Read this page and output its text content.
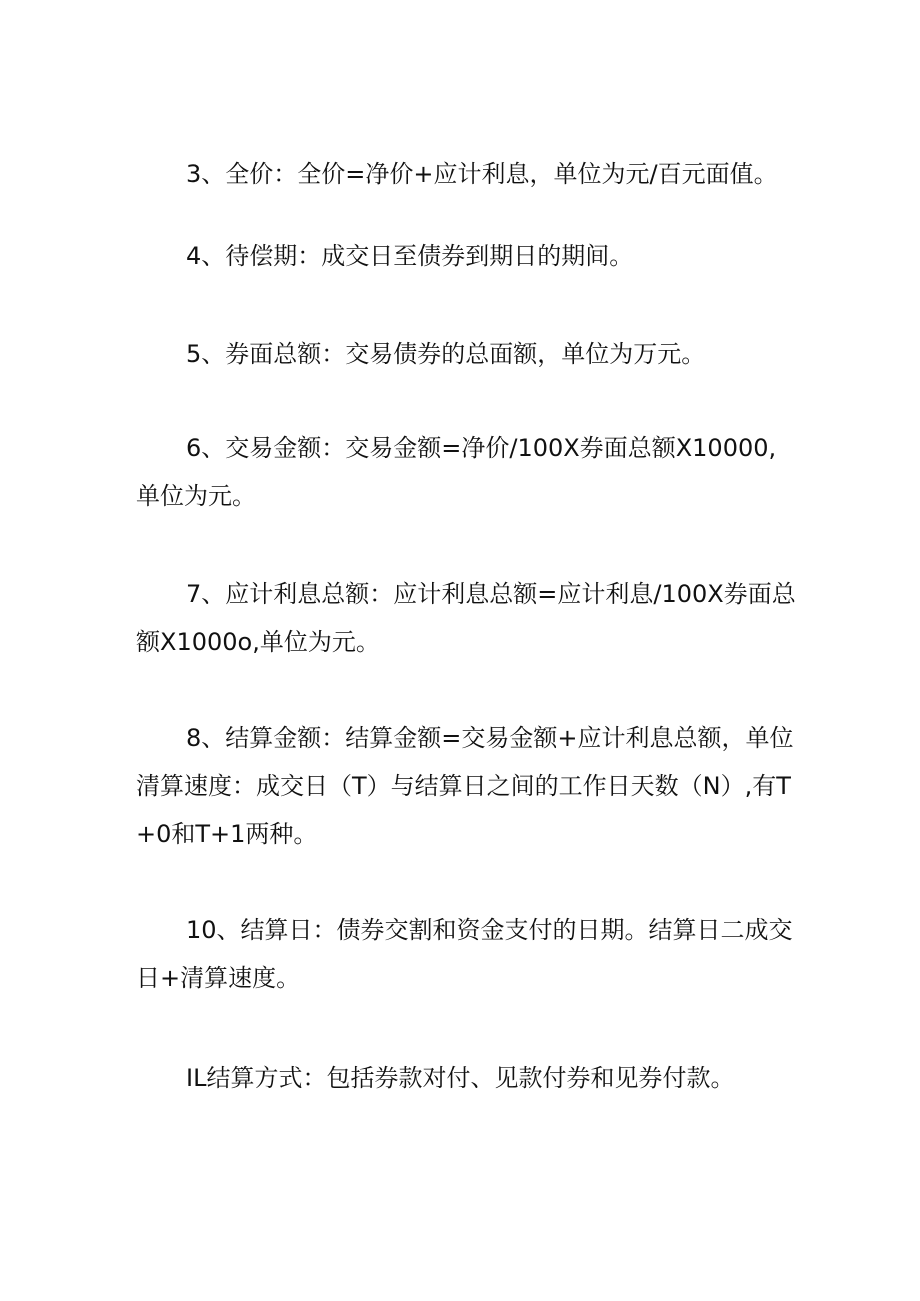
3、全价：全价=净价+应计利息，单位为元/百元面值。

4、待偿期：成交日至债券到期日的期间。

5、券面总额：交易债券的总面额，单位为万元。

6、交易金额：交易金额=净价/100X券面总额X10000,单位为元。

7、应计利息总额：应计利息总额=应计利息/100X券面总额X1000o,单位为元。

8、结算金额：结算金额=交易金额+应计利息总额，单位清算速度：成交日（T）与结算日之间的工作日天数（N）,有T+0和T+1两种。

10、结算日：债券交割和资金支付的日期。结算日二成交日+清算速度。

IL结算方式：包括券款对付、见款付券和见券付款。
